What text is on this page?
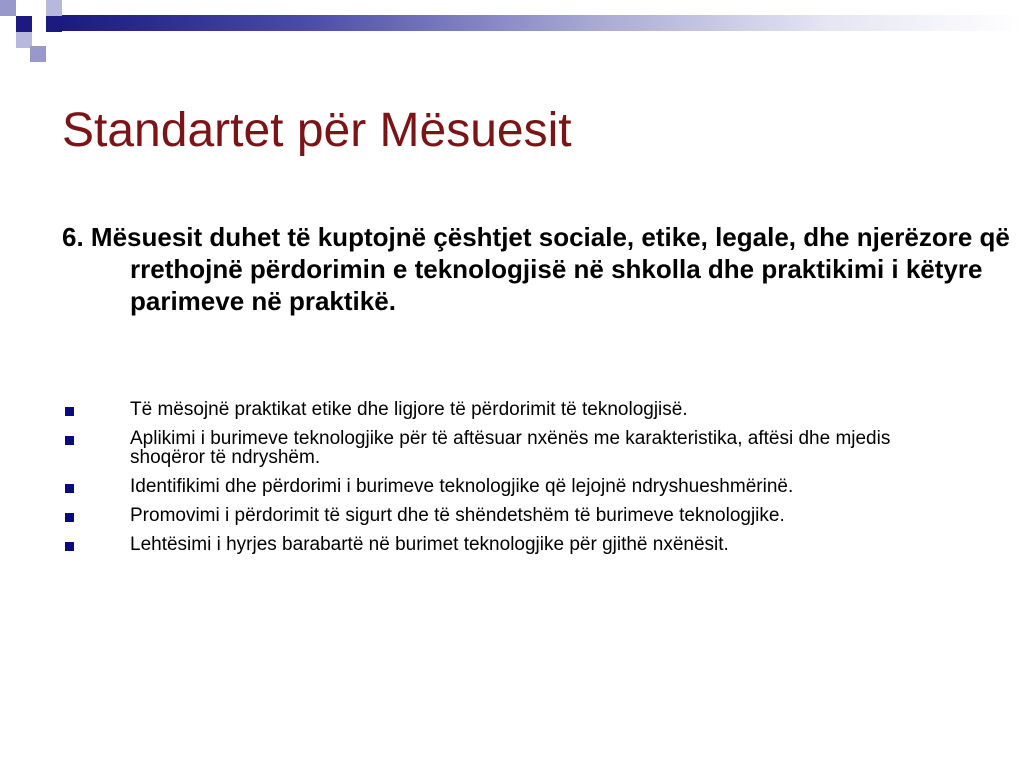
Standartet për Mësuesit

6. Mësuesit duhet të kuptojnë çështjet sociale, etike, legale, dhe njerëzore që rrethojnë përdorimin e teknologjisë në shkolla dhe praktikimi i këtyre parimeve në praktikë.

Të mësojnë praktikat etike dhe ligjore të përdorimit të teknologjisë.
Aplikimi i burimeve teknologjike për të aftësuar nxënës me karakteristika, aftësi dhe mjedis shoqëror të ndryshëm.
Identifikimi dhe përdorimi i burimeve teknologjike që lejojnë ndryshueshmërinë.
Promovimi i përdorimit të sigurt dhe të shëndetshëm të burimeve teknologjike.
Lehtësimi i hyrjes barabartë në burimet teknologjike për gjithë nxënësit.
